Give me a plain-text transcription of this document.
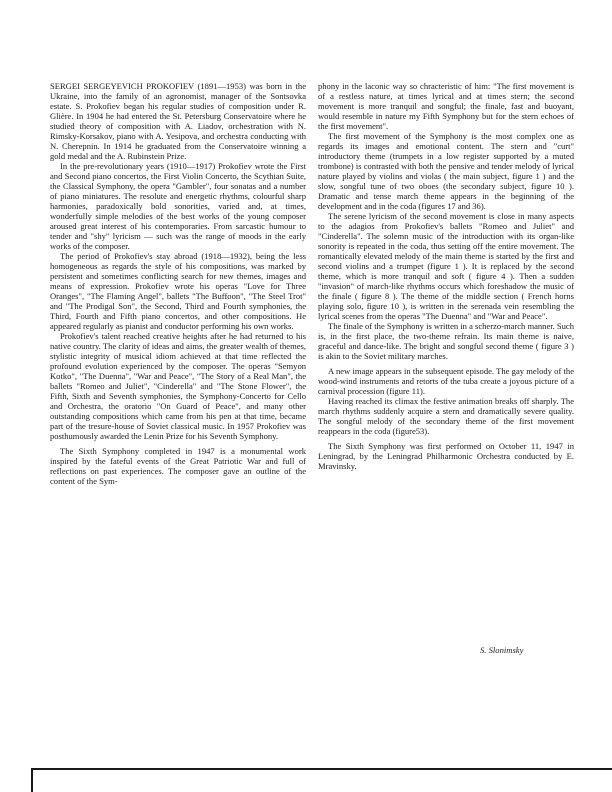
SERGEI SERGEYEVICH PROKOFIEV (1891—1953) was born in the Ukraine, into the family of an agronomist, manager of the Sontsovka estate. S. Prokofiev began his regular studies of composition under R. Glière. In 1904 he had entered the St. Petersburg Conservatoire where he studied theory of composition with A. Liadov, orchestration with N. Rimsky-Korsakov, piano with A. Yesipova, and orchestra conducting with N. Cherepnin. In 1914 he graduated from the Conservatoire winning a gold medal and the A. Rubinstein Prize.

In the pre-revolutionary years (1910—1917) Prokofiev wrote the First and Second piano concertos, the First Violin Concerto, the Scythian Suite, the Classical Symphony, the opera "Gambler", four sonatas and a number of piano miniatures. The resolute and energetic rhythms, colourful sharp harmonies, paradoxically bold sonorities, varied and, at times, wonderfully simple melodies of the best works of the young composer aroused great interest of his contemporaries. From sarcastic humour to tender and "shy" lyricism — such was the range of moods in the early works of the composer.

The period of Prokofiev's stay abroad (1918—1932), being the less homogeneous as regards the style of his compositions, was marked by persistent and sometimes conflicting search for new themes, images and means of expression. Prokofiev wrote his operas "Love for Three Oranges", "The Flaming Angel", ballets "The Buffoon", "The Steel Trot" and "The Prodigal Son", the Second, Third and Fourth symphonies, the Third, Fourth and Fifth piano concertos, and other compositions. He appeared regularly as pianist and conductor performing his own works.

Prokofiev's talent reached creative heights after he had returned to his native country. The clarity of ideas and aims, the greater wealth of themes, stylistic integrity of musical idiom achieved at that time reflected the profound evolution experienced by the composer. The operas "Semyon Kotko", "The Duenna", "War and Peace", "The Story of a Real Man", the ballets "Romeo and Juliet", "Cinderella" and "The Stone Flower", the Fifth, Sixth and Seventh symphonies, the Symphony-Concerto for Cello and Orchestra, the oratorio "On Guard of Peace", and many other outstanding compositions which came from his pen at that time, became part of the tresure-house of Soviet classical music. In 1957 Prokofiev was posthumously awarded the Lenin Prize for his Seventh Symphony.

The Sixth Symphony completed in 1947 is a monumental work inspired by the fateful events of the Great Patriotic War and full of reflections on past experiences. The composer gave an outline of the content of the Sym-

phony in the laconic way so chracteristic of him: "The first movement is of a restless nature, at times lyrical and at times stern; the second movement is more tranquil and songful; the finale, fast and buoyant, would resemble in nature my Fifth Symphony but for the stern echoes of the first movement".

The first movement of the Symphony is the most complex one as regards its images and emotional content. The stern and "curt" introductory theme (trumpets in a low register supported by a muted trombone) is contrasted with both the pensive and tender melody of lyrical nature played by violins and violas ( the main subject, figure 1 ) and the slow, songful tune of two oboes (the secondary subject, figure 10 ). Dramatic and tense march theme appears in the beginning of the development and in the coda (figures 17 and 36).

The serene lyricism of the second movement is close in many aspects to the adagios from Prokofiev's ballets "Romeo and Juliet" and "Cinderella". The solemn music of the introduction with its organ-like sonority is repeated in the coda, thus setting off the entire movement. The romantically elevated melody of the main theme is started by the first and second violins and a trumpet (figure 1 ). It is replaced by the second theme, which is more tranquil and soft ( figure 4 ). Then a sudden "invasion" of march-like rhythms occurs which foreshadow the music of the finale ( figure 8 ). The theme of the middle section ( French horns playing solo, figure 10 ), is written in the serenada vein resembling the lyrical scenes from the operas "The Duenna" and "War and Peace".

The finale of the Symphony is written in a scherzo-march manner. Such is, in the first place, the two-theme refrain. Its main theme is naive, graceful and dance-like. The bright and songful second theme ( figure 3 ) is akin to the Soviet military marches.

A new image appears in the subsequent episode. The gay melody of the wood-wind instruments and retorts of the tuba create a joyous picture of a carnival procession (figure 11).

Having reached its climax the festive animation breaks off sharply. The march rhythms suddenly acquire a stern and dramatically severe quality. The songful melody of the secondary theme of the first movement reappears in the coda (figure53).

The Sixth Symphony was first performed on October 11, 1947 in Leningrad, by the Leningrad Philharmonic Orchestra conducted by E. Mravinsky.

S. Slonimsky
